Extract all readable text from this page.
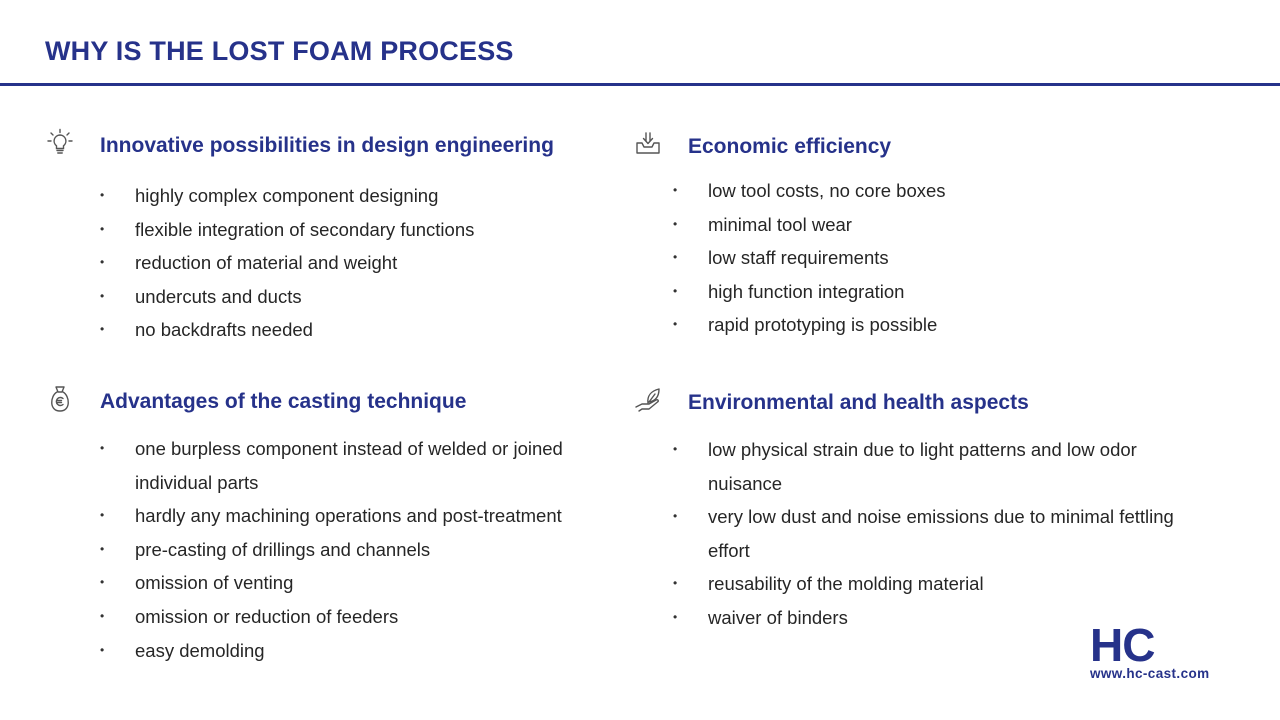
WHY IS THE LOST FOAM PROCESS
Innovative possibilities in design engineering
• highly complex component designing
• flexible integration of secondary functions
• reduction of material and weight
• undercuts and ducts
• no backdrafts needed
Economic efficiency
• low tool costs, no core boxes
• minimal tool wear
• low staff requirements
• high function integration
• rapid prototyping is possible
Advantages of the casting technique
• one burpless component instead of welded or joined individual parts
• hardly any machining operations and post-treatment
• pre-casting of drillings and channels
• omission of venting
• omission or reduction of feeders
• easy demolding
Environmental and health aspects
• low physical strain due to light patterns and low odor nuisance
• very low dust and noise emissions due to minimal fettling effort
• reusability of the molding material
• waiver of binders
HC
www.hc-cast.com
